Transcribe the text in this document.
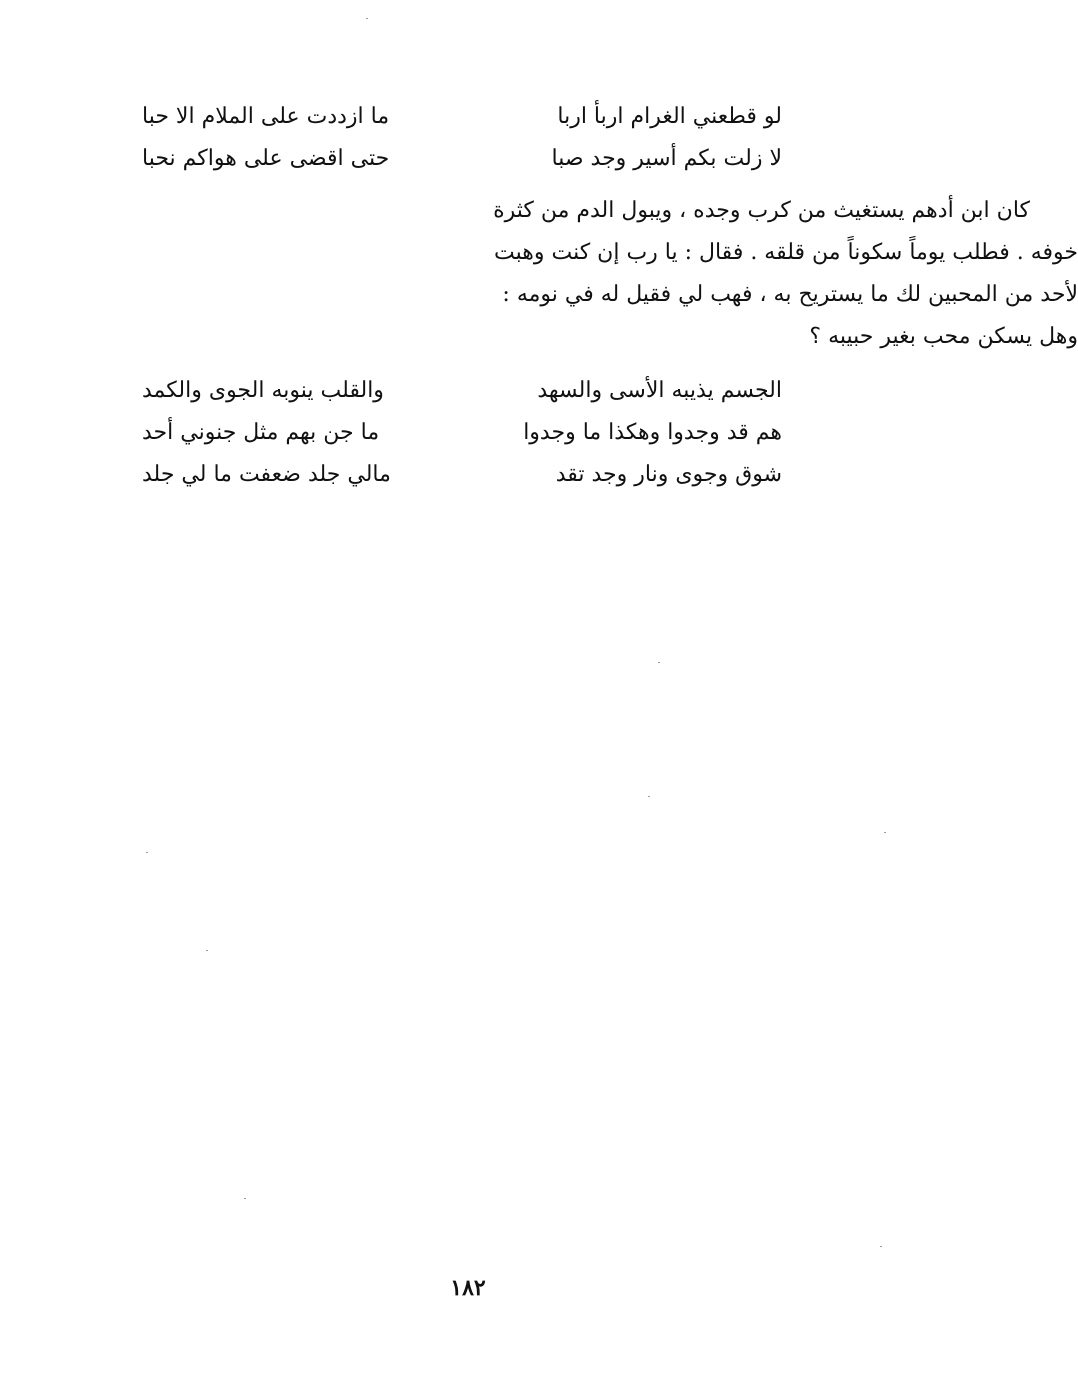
لو قطعني الغرام اربأ اربا
ما ازددت على الملام الا حبا
لا زلت بكم أسير وجد صبا
حتى اقضى على هواكم نحبا
كان ابن أدهم يستغيث من كرب وجده ، ويبول الدم من كثرة
خوفه . فطلب يوماً سكوناً من قلقه . فقال : يا رب إن كنت وهبت
لأحد من المحبين لك ما يستريح به ، فهب لي فقيل له في نومه :
وهل يسكن محب بغير حبيبه ؟
الجسم يذيبه الأسى والسهد
والقلب ينوبه الجوى والكمد
هم قد وجدوا وهكذا ما وجدوا
ما جن بهم مثل جنوني أحد
شوق وجوى ونار وجد تقد
مالي جلد ضعفت ما لي جلد
١٨٢
